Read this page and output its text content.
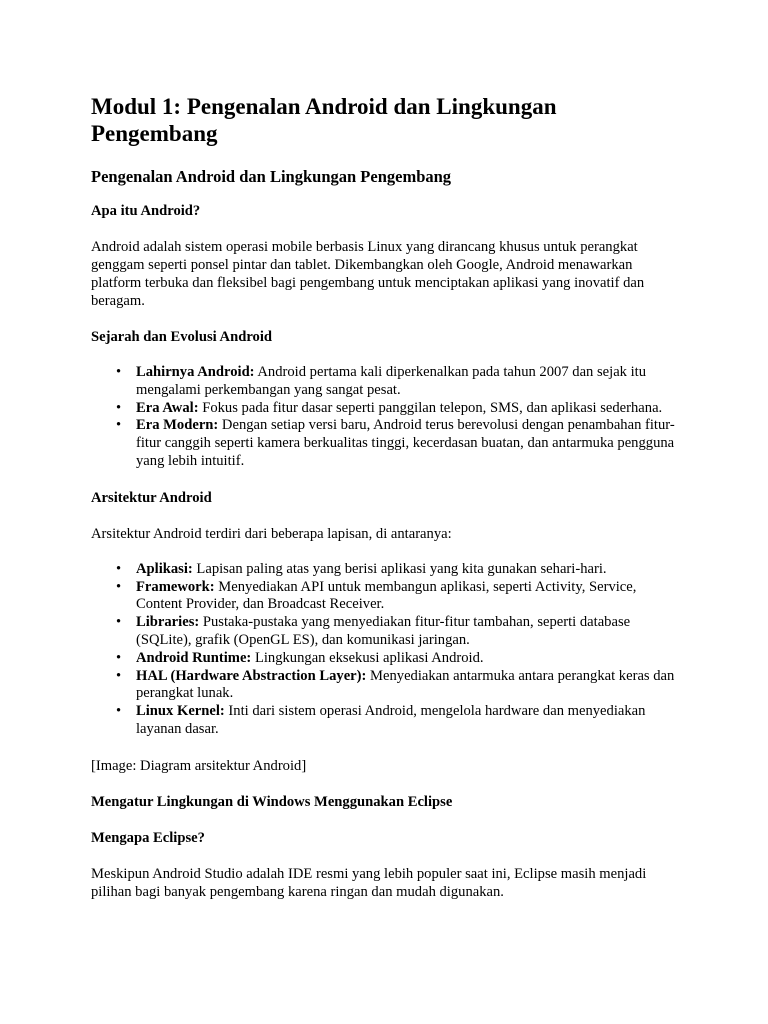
Modul 1: Pengenalan Android dan Lingkungan Pengembang
Pengenalan Android dan Lingkungan Pengembang
Apa itu Android?

Android adalah sistem operasi mobile berbasis Linux yang dirancang khusus untuk perangkat genggam seperti ponsel pintar dan tablet. Dikembangkan oleh Google, Android menawarkan platform terbuka dan fleksibel bagi pengembang untuk menciptakan aplikasi yang inovatif dan beragam.

Sejarah dan Evolusi Android
• Lahirnya Android: Android pertama kali diperkenalkan pada tahun 2007 dan sejak itu mengalami perkembangan yang sangat pesat.
• Era Awal: Fokus pada fitur dasar seperti panggilan telepon, SMS, dan aplikasi sederhana.
• Era Modern: Dengan setiap versi baru, Android terus berevolusi dengan penambahan fitur-fitur canggih seperti kamera berkualitas tinggi, kecerdasan buatan, dan antarmuka pengguna yang lebih intuitif.
Arsitektur Android

Arsitektur Android terdiri dari beberapa lapisan, di antaranya:

• Aplikasi: Lapisan paling atas yang berisi aplikasi yang kita gunakan sehari-hari.
• Framework: Menyediakan API untuk membangun aplikasi, seperti Activity, Service, Content Provider, dan Broadcast Receiver.
• Libraries: Pustaka-pustaka yang menyediakan fitur-fitur tambahan, seperti database (SQLite), grafik (OpenGL ES), dan komunikasi jaringan.
• Android Runtime: Lingkungan eksekusi aplikasi Android.
• HAL (Hardware Abstraction Layer): Menyediakan antarmuka antara perangkat keras dan perangkat lunak.
• Linux Kernel: Inti dari sistem operasi Android, mengelola hardware dan menyediakan layanan dasar.

[Image: Diagram arsitektur Android]

Mengatur Lingkungan di Windows Menggunakan Eclipse
Mengapa Eclipse?

Meskipun Android Studio adalah IDE resmi yang lebih populer saat ini, Eclipse masih menjadi pilihan bagi banyak pengembang karena ringan dan mudah digunakan.
